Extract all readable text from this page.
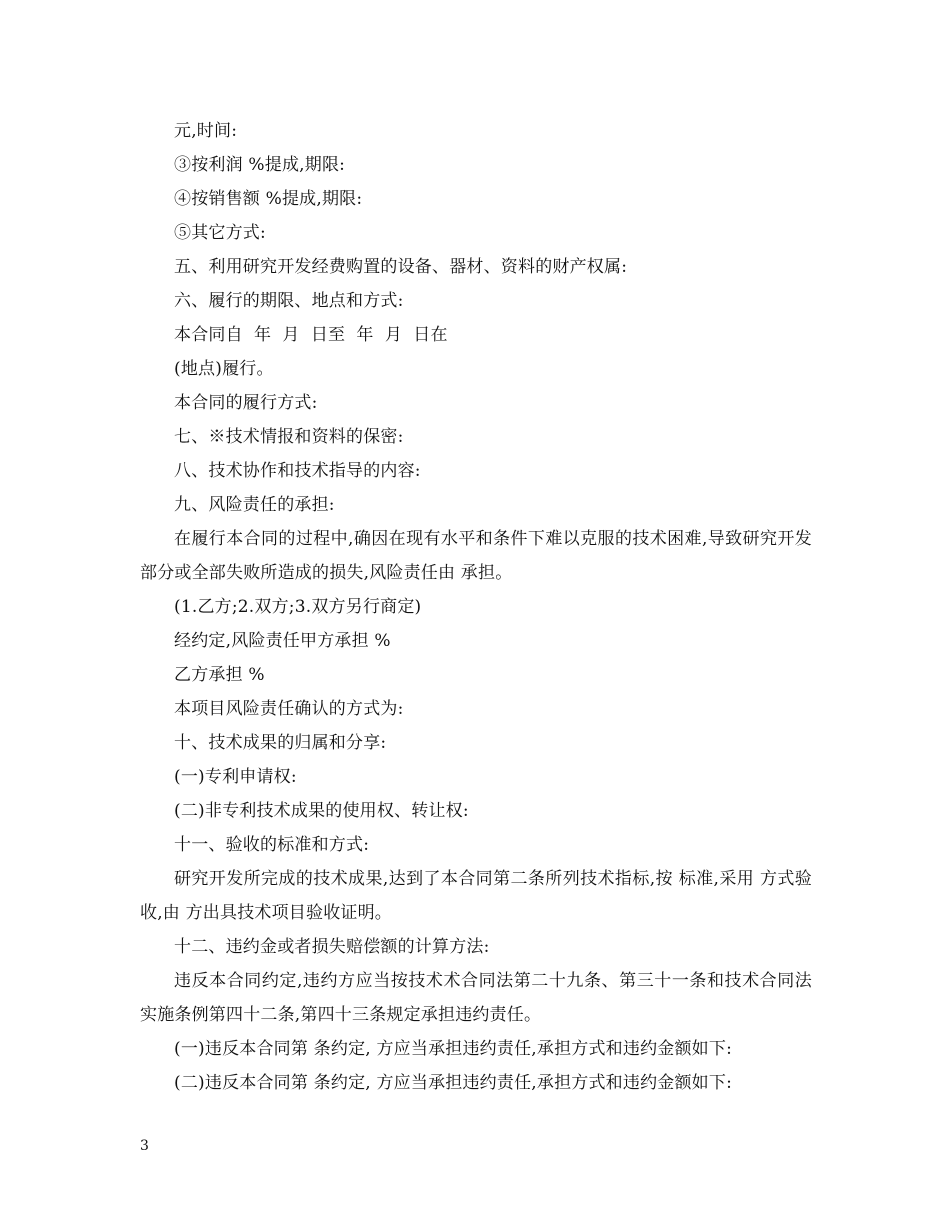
元,时间:

③按利润 %提成,期限:

④按销售额 %提成,期限:

⑤其它方式:

五、利用研究开发经费购置的设备、器材、资料的财产权属:

六、履行的期限、地点和方式:

本合同自  年  月  日至  年  月  日在

(地点)履行。

本合同的履行方式:

七、※技术情报和资料的保密:

八、技术协作和技术指导的内容:

九、风险责任的承担:

在履行本合同的过程中,确因在现有水平和条件下难以克服的技术困难,导致研究开发部分或全部失败所造成的损失,风险责任由 承担。

(1.乙方;2.双方;3.双方另行商定)

经约定,风险责任甲方承担 %

乙方承担 %

本项目风险责任确认的方式为:

十、技术成果的归属和分享:

(一)专利申请权:

(二)非专利技术成果的使用权、转让权:

十一、验收的标准和方式:

研究开发所完成的技术成果,达到了本合同第二条所列技术指标,按 标准,采用 方式验收,由 方出具技术项目验收证明。

十二、违约金或者损失赔偿额的计算方法:

违反本合同约定,违约方应当按技术术合同法第二十九条、第三十一条和技术合同法实施条例第四十二条,第四十三条规定承担违约责任。

(一)违反本合同第 条约定, 方应当承担违约责任,承担方式和违约金额如下:

(二)违反本合同第 条约定, 方应当承担违约责任,承担方式和违约金额如下:

3
